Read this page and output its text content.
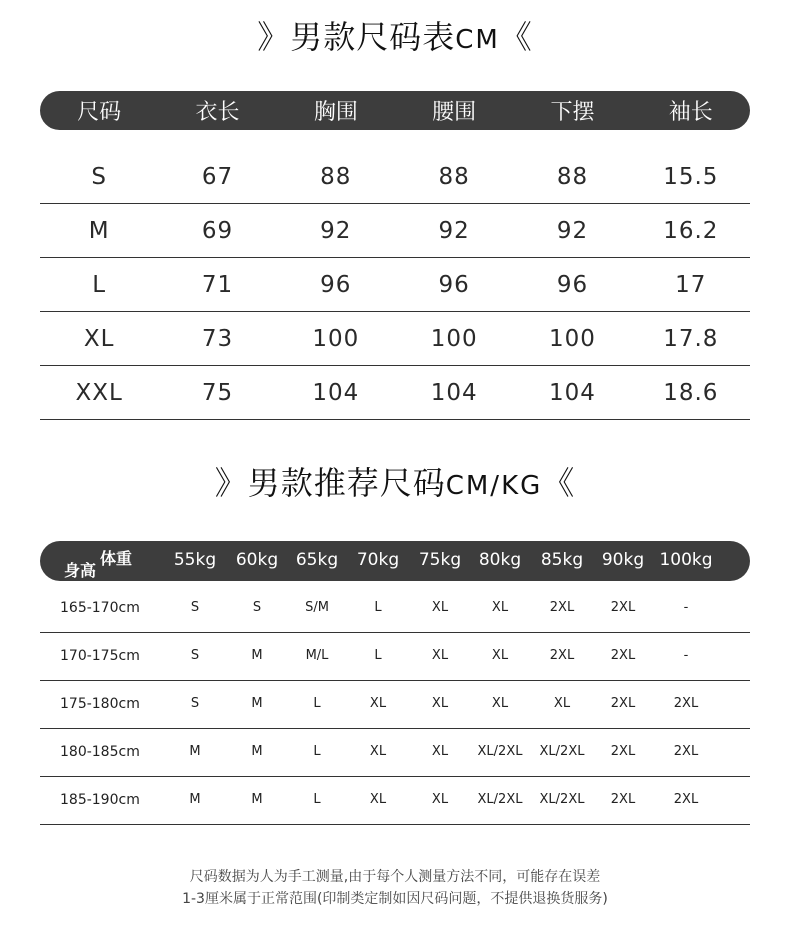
》男款尺码表CM《
尺码	衣长	胸围	腰围	下摆	袖长
S	67	88	88	88	15.5
M	69	92	92	92	16.2
L	71	96	96	96	17
XL	73	100	100	100	17.8
XXL	75	104	104	104	18.6
》男款推荐尺码CM/KG《
体重
身高
55kg	60kg	65kg	70kg	75kg	80kg	85kg	90kg 100kg
165-170cm	S	S	S/M	L	XL	XL	2XL	2XL	-
170-175cm	S	M	M/L	L	XL	XL	2XL	2XL	-
175-180cm	S	M	L	XL	XL	XL	XL	2XL	2XL
180-185cm	M	M	L	XL	XL	XL/2XL	XL/2XL	2XL	2XL
185-190cm	M	M	L	XL	XL	XL/2XL	XL/2XL	2XL	2XL
尺码数据为人为手工测量,由于每个人测量方法不同，可能存在误差
1-3厘米属于正常范围(印制类定制如因尺码问题，不提供退换货服务)
